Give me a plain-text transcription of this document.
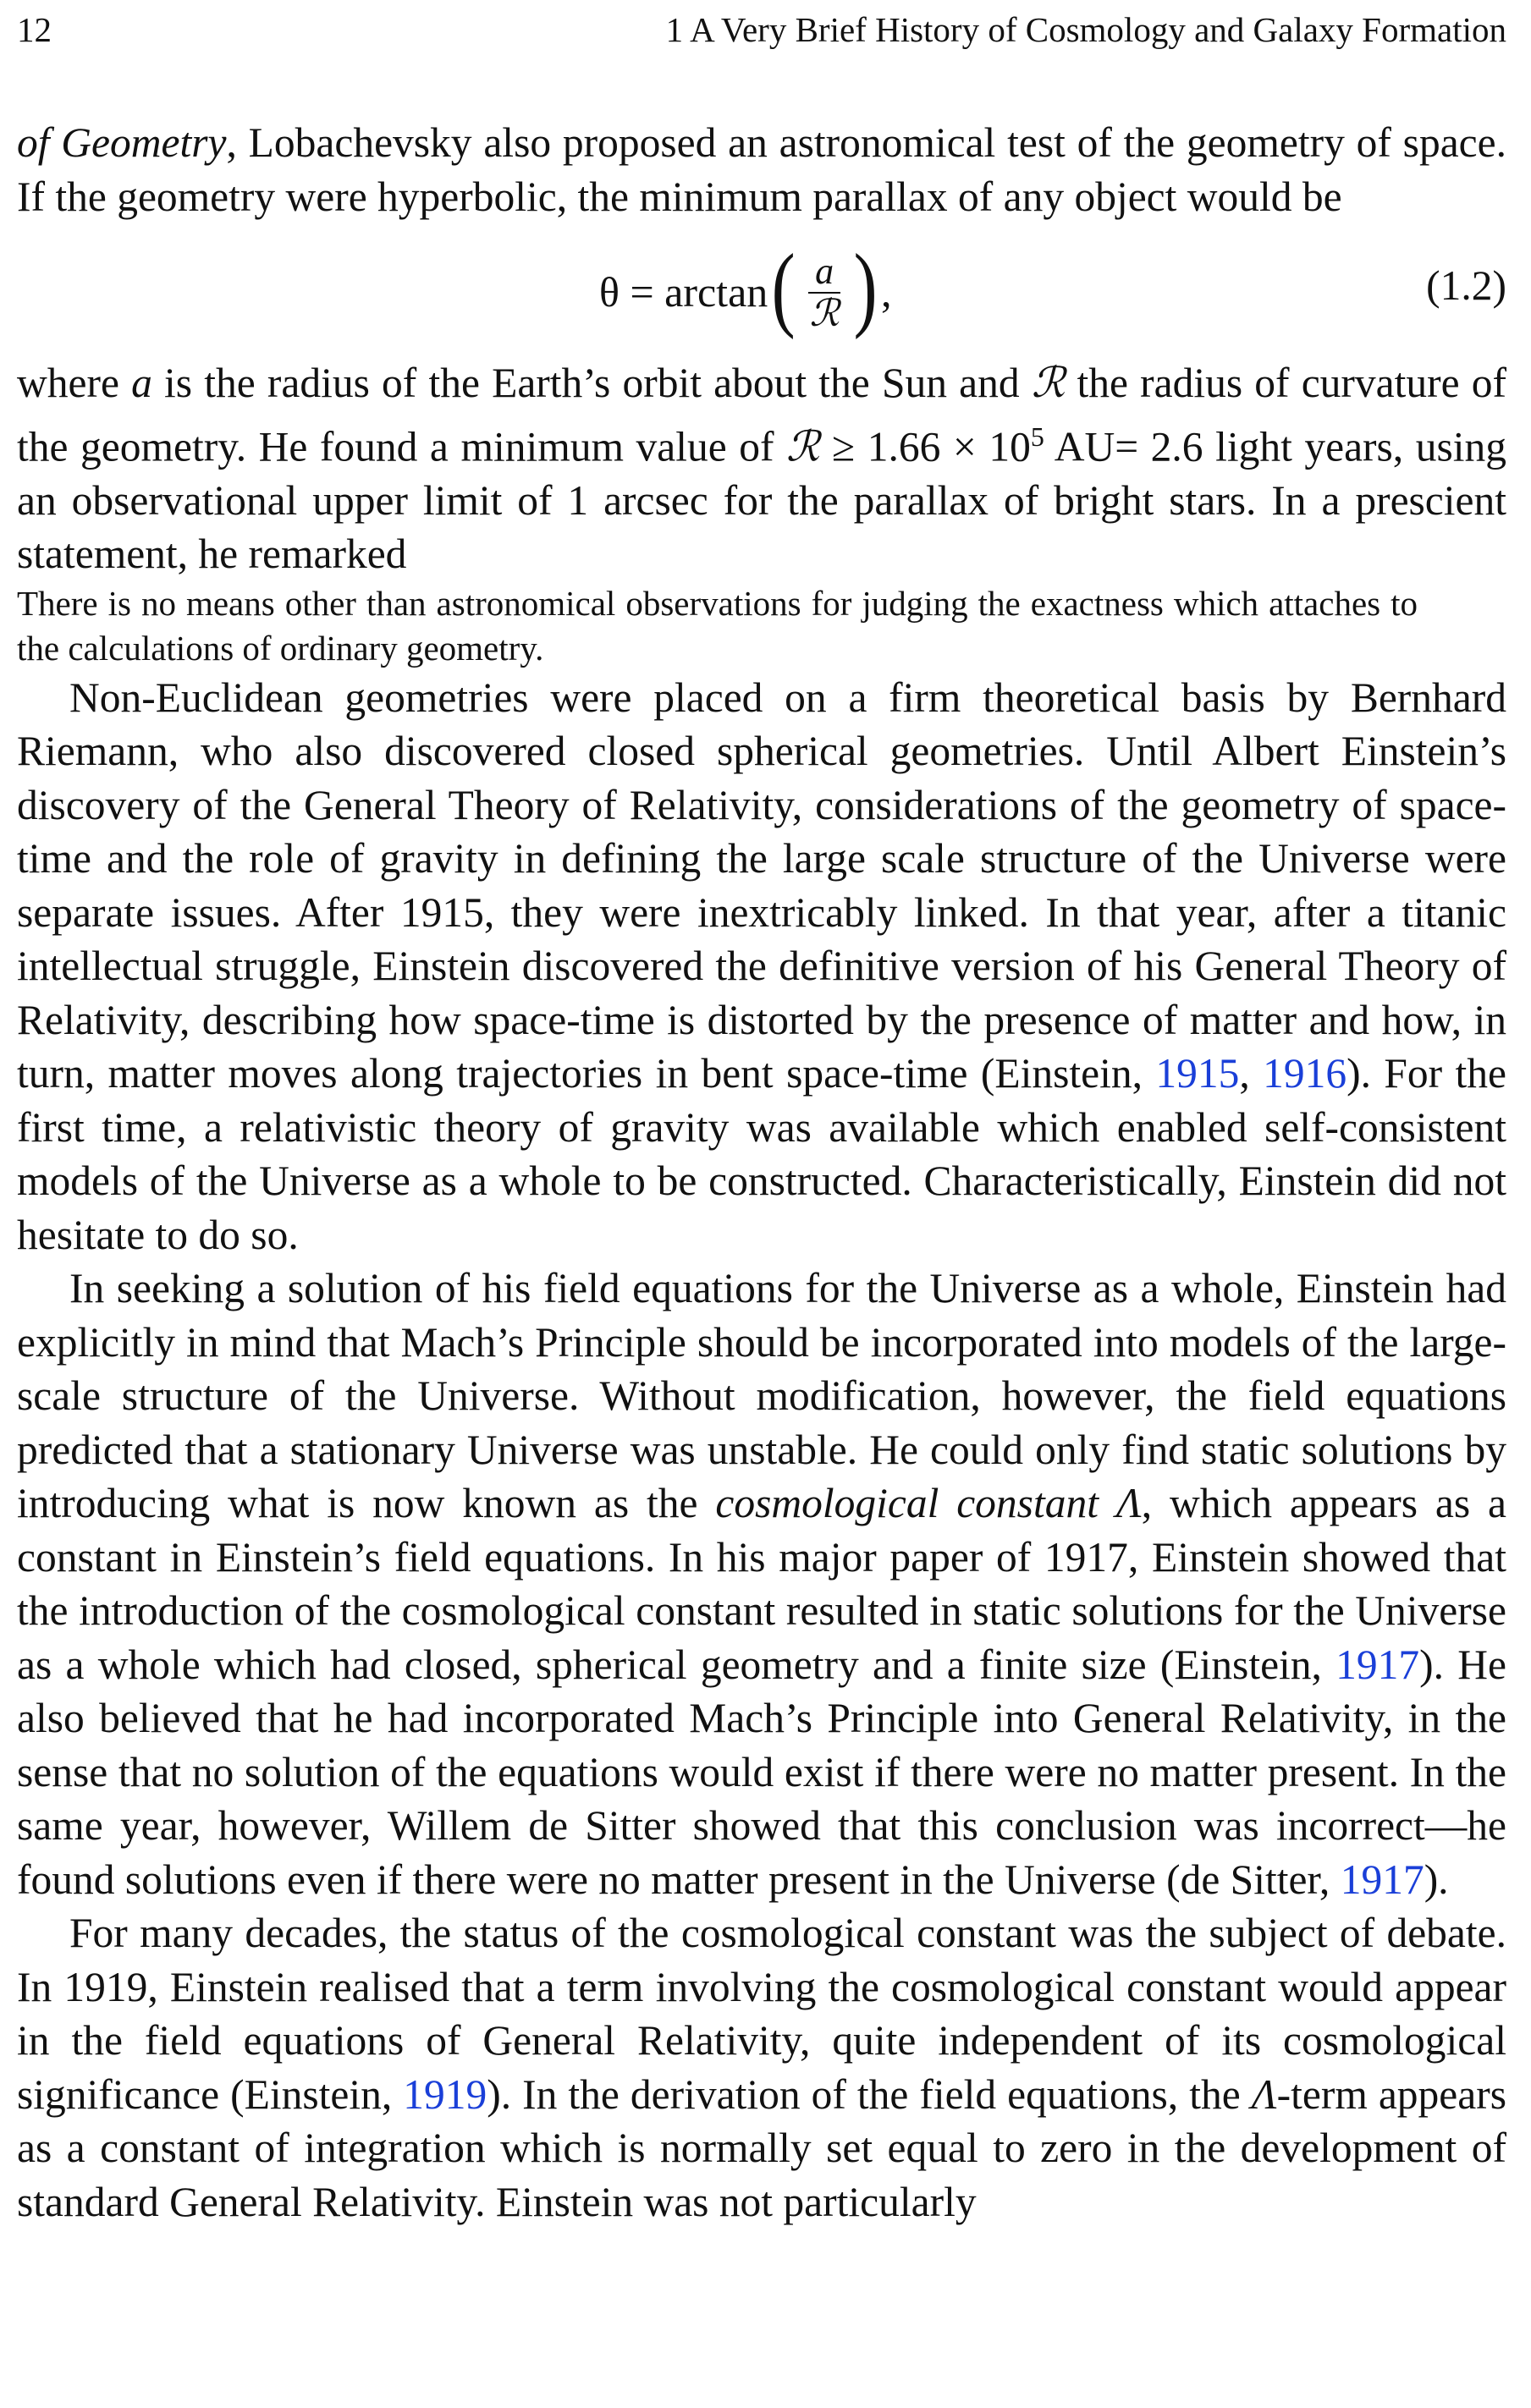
12	1 A Very Brief History of Cosmology and Galaxy Formation

of Geometry, Lobachevsky also proposed an astronomical test of the geometry of space. If the geometry were hyperbolic, the minimum parallax of any object would be

θ = arctan ( $\frac{a}{\text{ℛ}}$ ) ,	(1.2)

where a is the radius of the Earth’s orbit about the Sun and ℛ the radius of curvature of the geometry. He found a minimum value of ℛ ≥ $1.66 \times 10^5$ AU= 2.6 light years, using an observational upper limit of 1 arcsec for the parallax of bright stars. In a prescient statement, he remarked

There is no means other than astronomical observations for judging the exactness which attaches to the calculations of ordinary geometry.

Non-Euclidean geometries were placed on a firm theoretical basis by Bernhard Riemann, who also discovered closed spherical geometries. Until Albert Einstein’s discovery of the General Theory of Relativity, considerations of the geometry of space-time and the role of gravity in defining the large scale structure of the Universe were separate issues. After 1915, they were inextricably linked. In that year, after a titanic intellectual struggle, Einstein discovered the definitive version of his General Theory of Relativity, describing how space-time is distorted by the presence of matter and how, in turn, matter moves along trajectories in bent space-time (Einstein, 1915, 1916). For the first time, a relativistic theory of gravity was available which enabled self-consistent models of the Universe as a whole to be constructed. Characteristically, Einstein did not hesitate to do so.

In seeking a solution of his field equations for the Universe as a whole, Einstein had explicitly in mind that Mach’s Principle should be incorporated into models of the large-scale structure of the Universe. Without modification, however, the field equations predicted that a stationary Universe was unstable. He could only find static solutions by introducing what is now known as the cosmological constant Λ, which appears as a constant in Einstein’s field equations. In his major paper of 1917, Einstein showed that the introduction of the cosmological constant resulted in static solutions for the Universe as a whole which had closed, spherical geometry and a finite size (Einstein, 1917). He also believed that he had incorporated Mach’s Principle into General Relativity, in the sense that no solution of the equations would exist if there were no matter present. In the same year, however, Willem de Sitter showed that this conclusion was incorrect—he found solutions even if there were no matter present in the Universe (de Sitter, 1917).

For many decades, the status of the cosmological constant was the subject of debate. In 1919, Einstein realised that a term involving the cosmological constant would appear in the field equations of General Relativity, quite independent of its cosmological significance (Einstein, 1919). In the derivation of the field equations, the Λ-term appears as a constant of integration which is normally set equal to zero in the development of standard General Relativity. Einstein was not particularly
